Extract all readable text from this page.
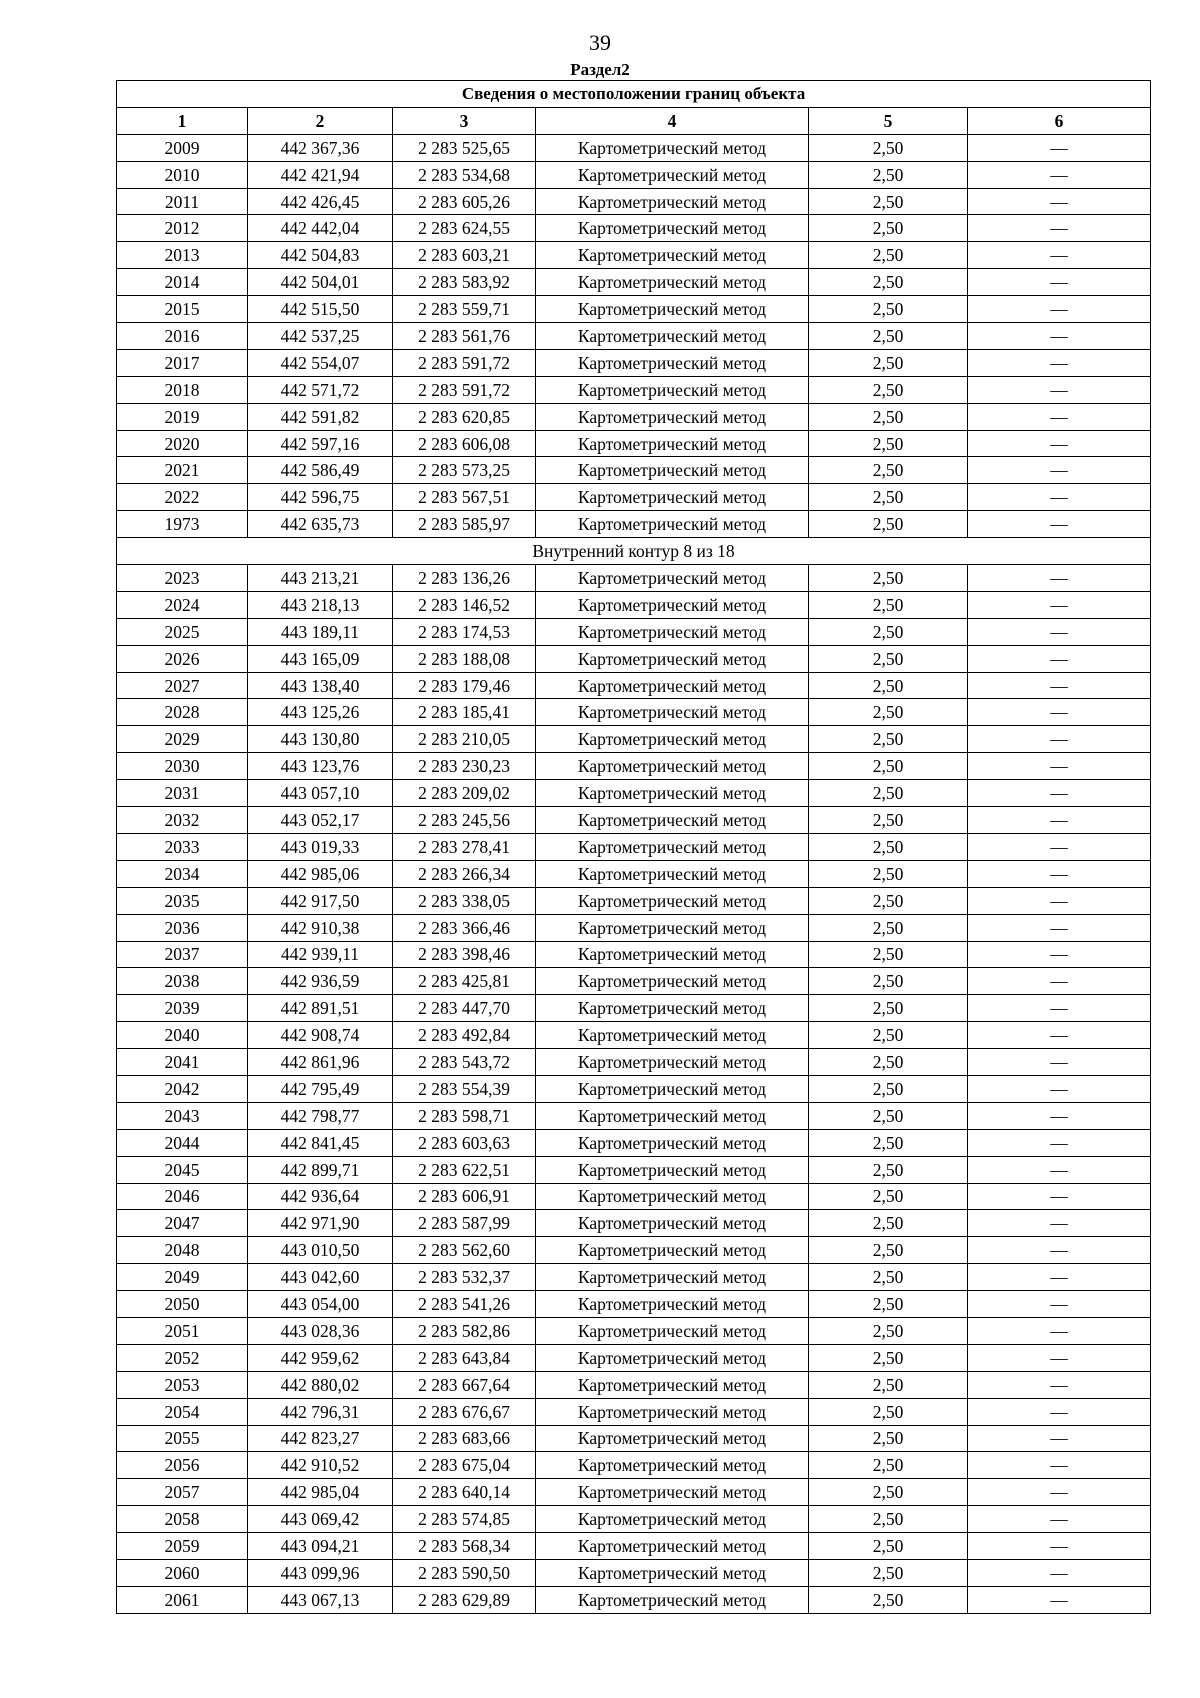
39
Раздел2
Сведения о местоположении границ объекта					
1	2	3	4	5	6
2009	442 367,36	2 283 525,65	Картометрический метод	2,50	—
2010	442 421,94	2 283 534,68	Картометрический метод	2,50	—
2011	442 426,45	2 283 605,26	Картометрический метод	2,50	—
2012	442 442,04	2 283 624,55	Картометрический метод	2,50	—
2013	442 504,83	2 283 603,21	Картометрический метод	2,50	—
2014	442 504,01	2 283 583,92	Картометрический метод	2,50	—
2015	442 515,50	2 283 559,71	Картометрический метод	2,50	—
2016	442 537,25	2 283 561,76	Картометрический метод	2,50	—
2017	442 554,07	2 283 591,72	Картометрический метод	2,50	—
2018	442 571,72	2 283 591,72	Картометрический метод	2,50	—
2019	442 591,82	2 283 620,85	Картометрический метод	2,50	—
2020	442 597,16	2 283 606,08	Картометрический метод	2,50	—
2021	442 586,49	2 283 573,25	Картометрический метод	2,50	—
2022	442 596,75	2 283 567,51	Картометрический метод	2,50	—
1973	442 635,73	2 283 585,97	Картометрический метод	2,50	—
Внутренний контур 8 из 18					
2023	443 213,21	2 283 136,26	Картометрический метод	2,50	—
2024	443 218,13	2 283 146,52	Картометрический метод	2,50	—
2025	443 189,11	2 283 174,53	Картометрический метод	2,50	—
2026	443 165,09	2 283 188,08	Картометрический метод	2,50	—
2027	443 138,40	2 283 179,46	Картометрический метод	2,50	—
2028	443 125,26	2 283 185,41	Картометрический метод	2,50	—
2029	443 130,80	2 283 210,05	Картометрический метод	2,50	—
2030	443 123,76	2 283 230,23	Картометрический метод	2,50	—
2031	443 057,10	2 283 209,02	Картометрический метод	2,50	—
2032	443 052,17	2 283 245,56	Картометрический метод	2,50	—
2033	443 019,33	2 283 278,41	Картометрический метод	2,50	—
2034	442 985,06	2 283 266,34	Картометрический метод	2,50	—
2035	442 917,50	2 283 338,05	Картометрический метод	2,50	—
2036	442 910,38	2 283 366,46	Картометрический метод	2,50	—
2037	442 939,11	2 283 398,46	Картометрический метод	2,50	—
2038	442 936,59	2 283 425,81	Картометрический метод	2,50	—
2039	442 891,51	2 283 447,70	Картометрический метод	2,50	—
2040	442 908,74	2 283 492,84	Картометрический метод	2,50	—
2041	442 861,96	2 283 543,72	Картометрический метод	2,50	—
2042	442 795,49	2 283 554,39	Картометрический метод	2,50	—
2043	442 798,77	2 283 598,71	Картометрический метод	2,50	—
2044	442 841,45	2 283 603,63	Картометрический метод	2,50	—
2045	442 899,71	2 283 622,51	Картометрический метод	2,50	—
2046	442 936,64	2 283 606,91	Картометрический метод	2,50	—
2047	442 971,90	2 283 587,99	Картометрический метод	2,50	—
2048	443 010,50	2 283 562,60	Картометрический метод	2,50	—
2049	443 042,60	2 283 532,37	Картометрический метод	2,50	—
2050	443 054,00	2 283 541,26	Картометрический метод	2,50	—
2051	443 028,36	2 283 582,86	Картометрический метод	2,50	—
2052	442 959,62	2 283 643,84	Картометрический метод	2,50	—
2053	442 880,02	2 283 667,64	Картометрический метод	2,50	—
2054	442 796,31	2 283 676,67	Картометрический метод	2,50	—
2055	442 823,27	2 283 683,66	Картометрический метод	2,50	—
2056	442 910,52	2 283 675,04	Картометрический метод	2,50	—
2057	442 985,04	2 283 640,14	Картометрический метод	2,50	—
2058	443 069,42	2 283 574,85	Картометрический метод	2,50	—
2059	443 094,21	2 283 568,34	Картометрический метод	2,50	—
2060	443 099,96	2 283 590,50	Картометрический метод	2,50	—
2061	443 067,13	2 283 629,89	Картометрический метод	2,50	—
